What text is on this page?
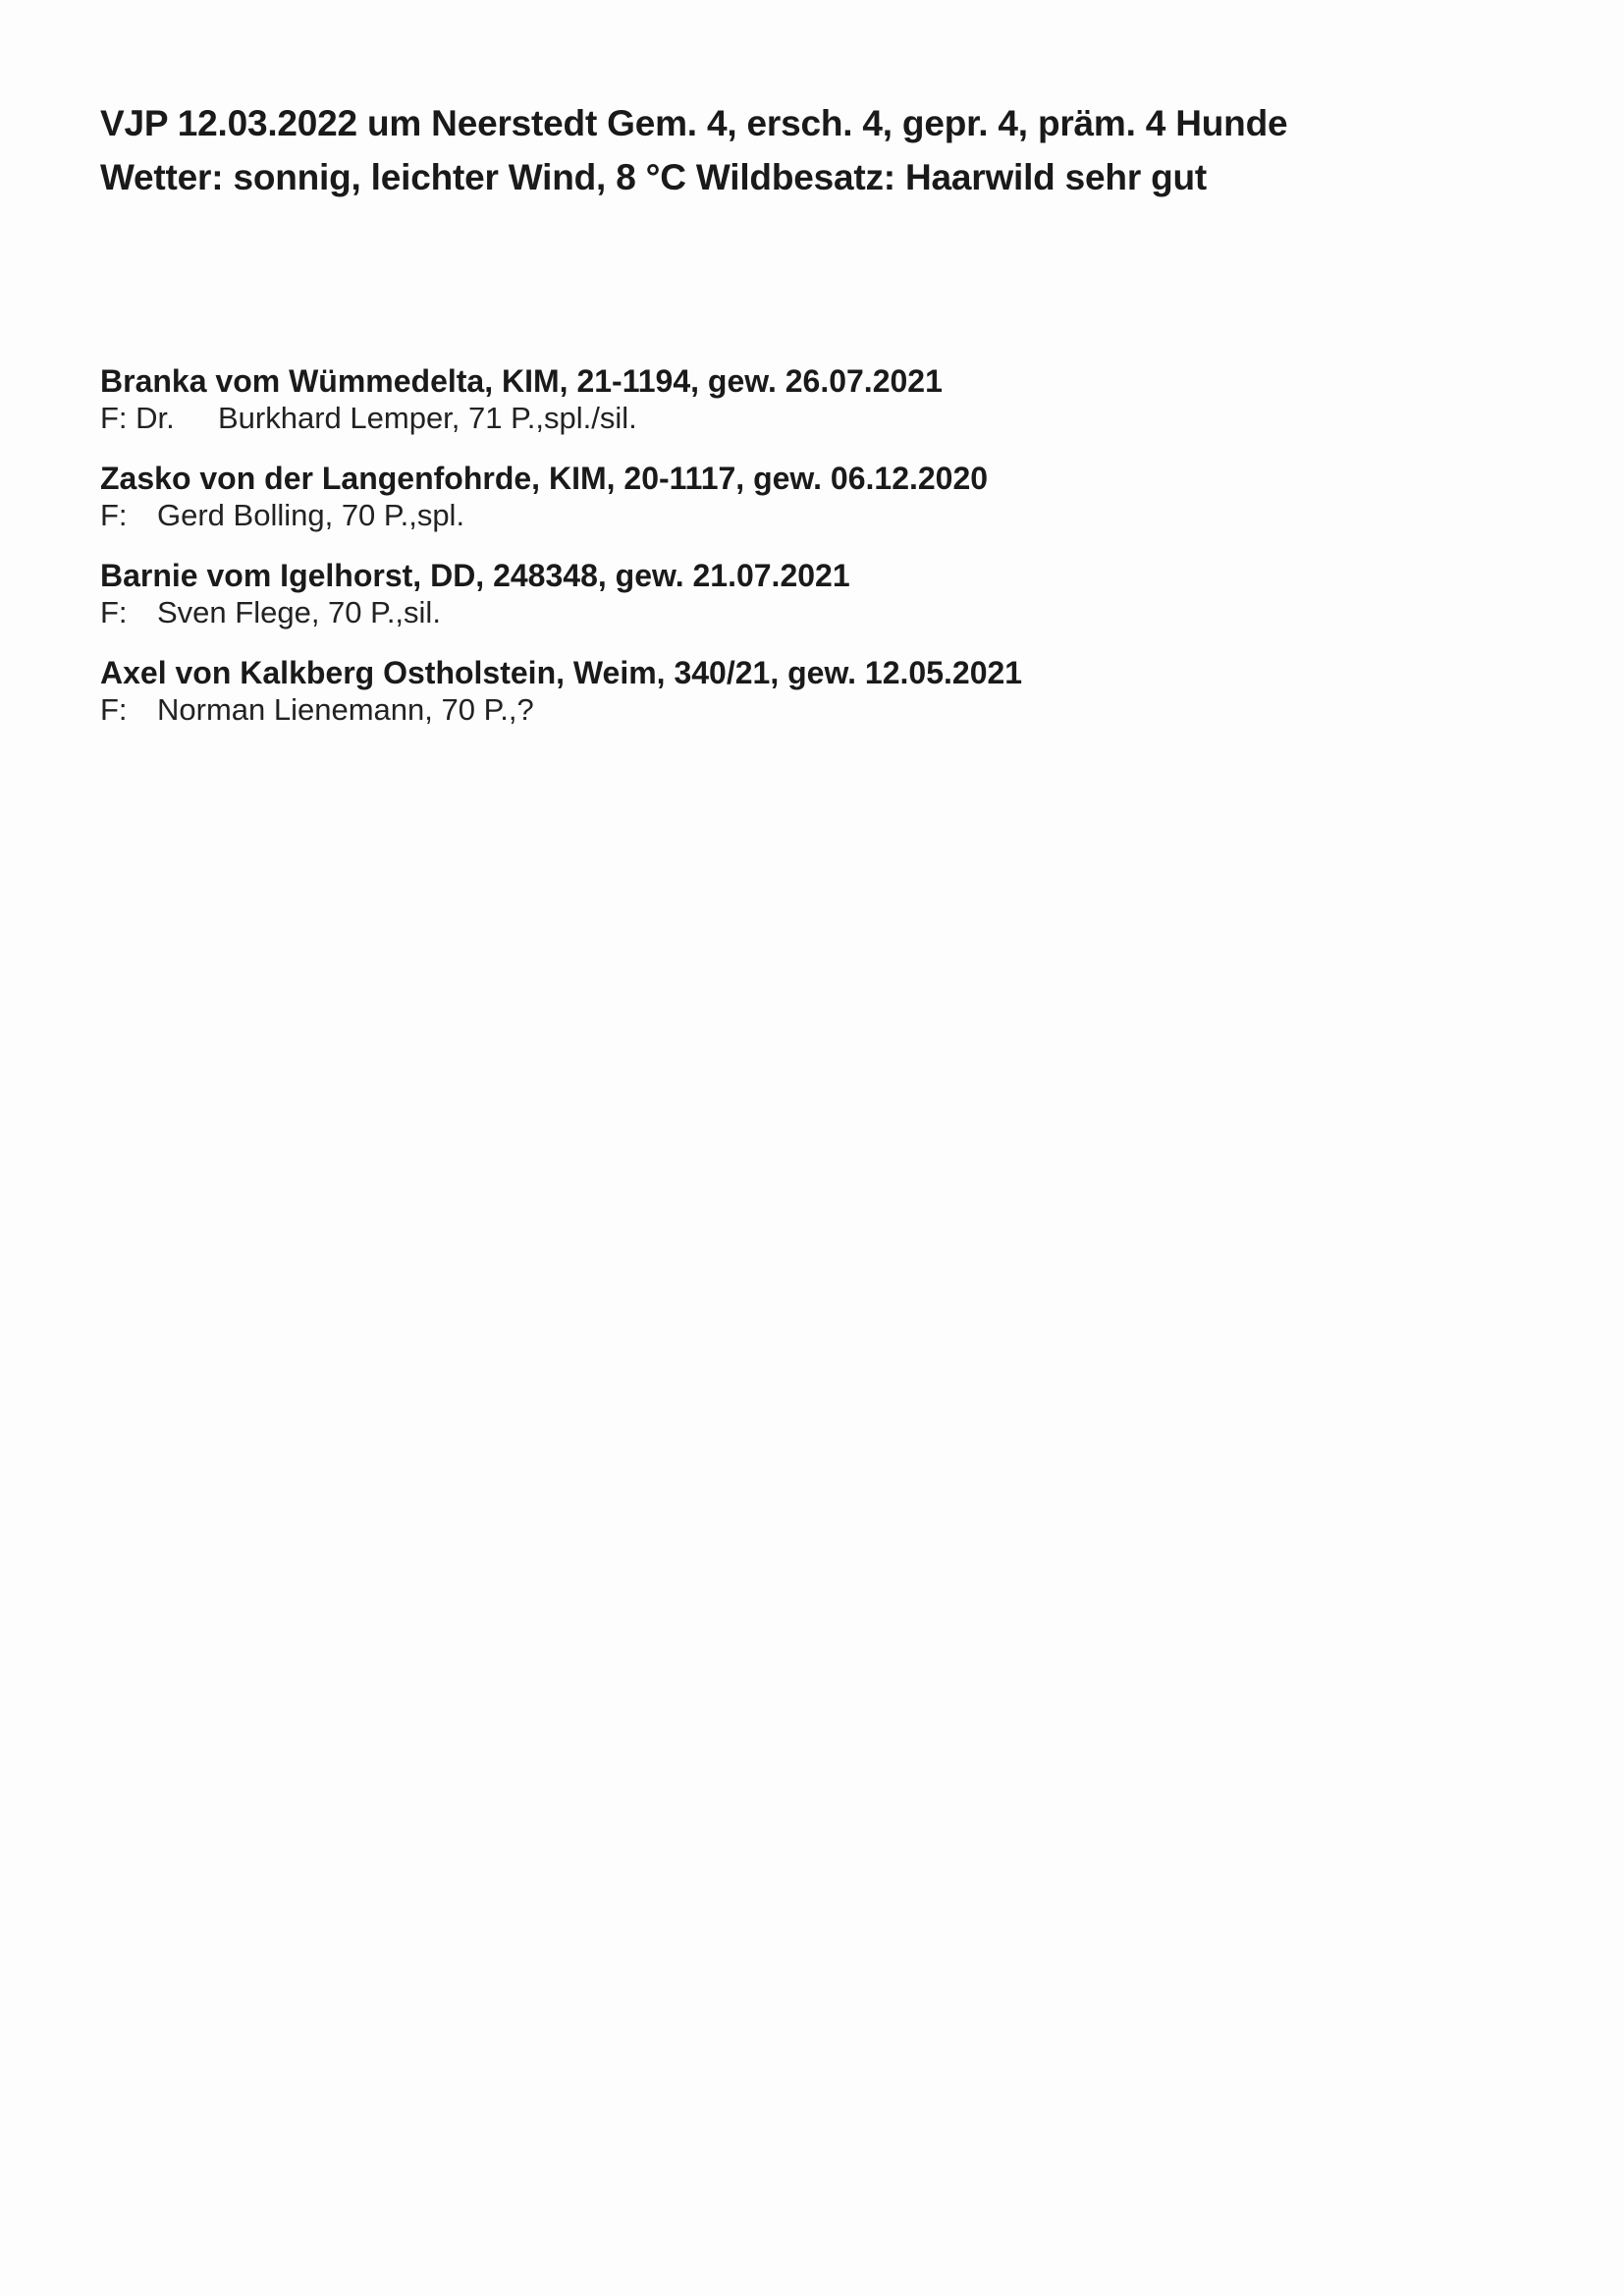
VJP 12.03.2022 um Neerstedt Gem. 4, ersch. 4, gepr. 4, präm. 4 Hunde
Wetter: sonnig, leichter Wind, 8 °C Wildbesatz: Haarwild sehr gut
Branka vom Wümmedelta, KIM, 21-1194, gew. 26.07.2021
F: Dr. Burkhard Lemper, 71 P.,spl./sil.
Zasko von der Langenfohrde, KIM, 20-1117, gew. 06.12.2020
F: Gerd Bolling, 70 P.,spl.
Barnie vom Igelhorst, DD, 248348, gew. 21.07.2021
F: Sven Flege, 70 P.,sil.
Axel von Kalkberg Ostholstein, Weim, 340/21, gew. 12.05.2021
F: Norman Lienemann, 70 P.,?
